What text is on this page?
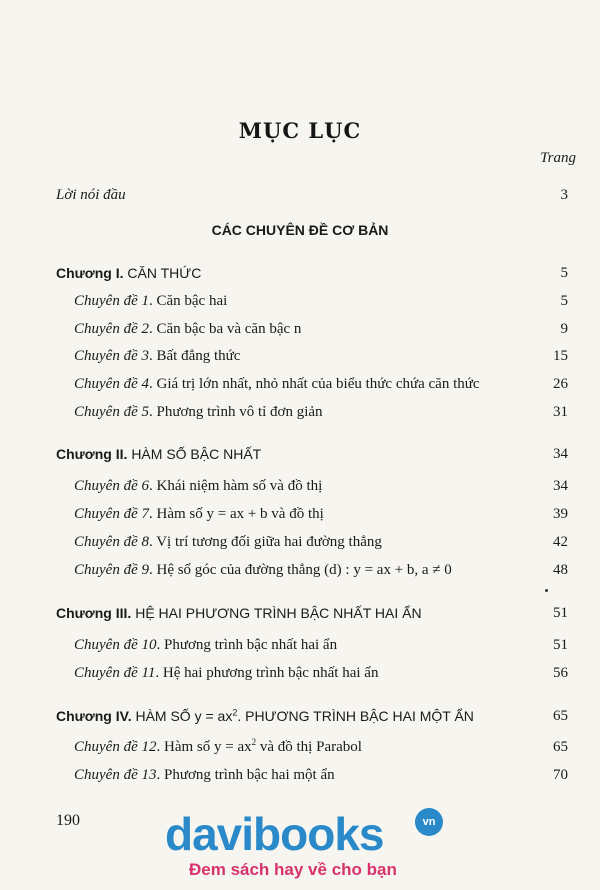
MỤC LỤC
Trang
Lời nói đầu	3
CÁC CHUYÊN ĐỀ CƠ BẢN
Chương I. CĂN THỨC	5
Chuyên đề 1. Căn bậc hai	5
Chuyên đề 2. Căn bậc ba và căn bậc n	9
Chuyên đề 3. Bất đẳng thức	15
Chuyên đề 4. Giá trị lớn nhất, nhỏ nhất của biểu thức chứa căn thức	26
Chuyên đề 5. Phương trình vô tỉ đơn giản	31
Chương II. HÀM SỐ BẬC NHẤT	34
Chuyên đề 6. Khái niệm hàm số và đồ thị	34
Chuyên đề 7. Hàm số y = ax + b và đồ thị	39
Chuyên đề 8. Vị trí tương đối giữa hai đường thẳng	42
Chuyên đề 9. Hệ số góc của đường thẳng (d) : y = ax + b, a ≠ 0	48
Chương III. HỆ HAI PHƯƠNG TRÌNH BẬC NHẤT HAI ẨN	51
Chuyên đề 10. Phương trình bậc nhất hai ẩn	51
Chuyên đề 11. Hệ hai phương trình bậc nhất hai ẩn	56
Chương IV. HÀM SỐ $y = ax^2$. PHƯƠNG TRÌNH BẬC HAI MỘT ẨN	65
Chuyên đề 12. Hàm số $y = ax^2$ và đồ thị Parabol	65
Chuyên đề 13. Phương trình bậc hai một ẩn	70
190 davibooks	vn
Đem sách hay về cho bạn
